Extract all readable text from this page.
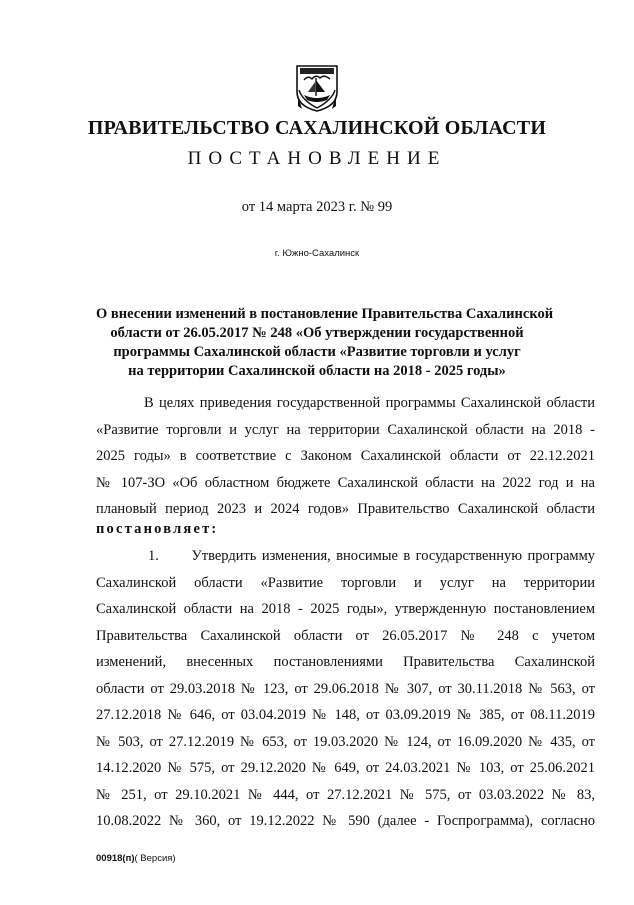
ПРАВИТЕЛЬСТВО САХАЛИНСКОЙ ОБЛАСТИ
ПОСТАНОВЛЕНИЕ
от 14 марта 2023 г. № 99
г. Южно-Сахалинск
О внесении изменений в постановление Правительства Сахалинской
области от 26.05.2017 № 248 «Об утверждении государственной
программы Сахалинской области «Развитие торговли и услуг
на территории Сахалинской области на 2018 - 2025 годы»
В целях приведения государственной программы Сахалинской области
«Развитие торговли и услуг на территории Сахалинской области на 2018 -
2025 годы» в соответствие с Законом Сахалинской области от 22.12.2021
№ 107-ЗО «Об областном бюджете Сахалинской области на 2022 год и на
плановый период 2023 и 2024 годов» Правительство Сахалинской области
постановляет:
1.      Утвердить изменения, вносимые в государственную программу
Сахалинской области «Развитие торговли и услуг на территории
Сахалинской области на 2018 - 2025 годы», утвержденную постановлением
Правительства Сахалинской области от 26.05.2017 № 248 с учетом
изменений, внесенных постановлениями Правительства Сахалинской
области от 29.03.2018 № 123, от 29.06.2018 № 307, от 30.11.2018 № 563, от
27.12.2018 № 646, от 03.04.2019 № 148, от 03.09.2019 № 385, от 08.11.2019
№ 503, от 27.12.2019 № 653, от 19.03.2020 № 124, от 16.09.2020 № 435, от
14.12.2020 № 575, от 29.12.2020 № 649, от 24.03.2021 № 103, от 25.06.2021
№ 251, от 29.10.2021 № 444, от 27.12.2021 № 575, от 03.03.2022 № 83,
10.08.2022 № 360, от 19.12.2022 № 590 (далее - Госпрограмма), согласно
00918(п)( Версия)
